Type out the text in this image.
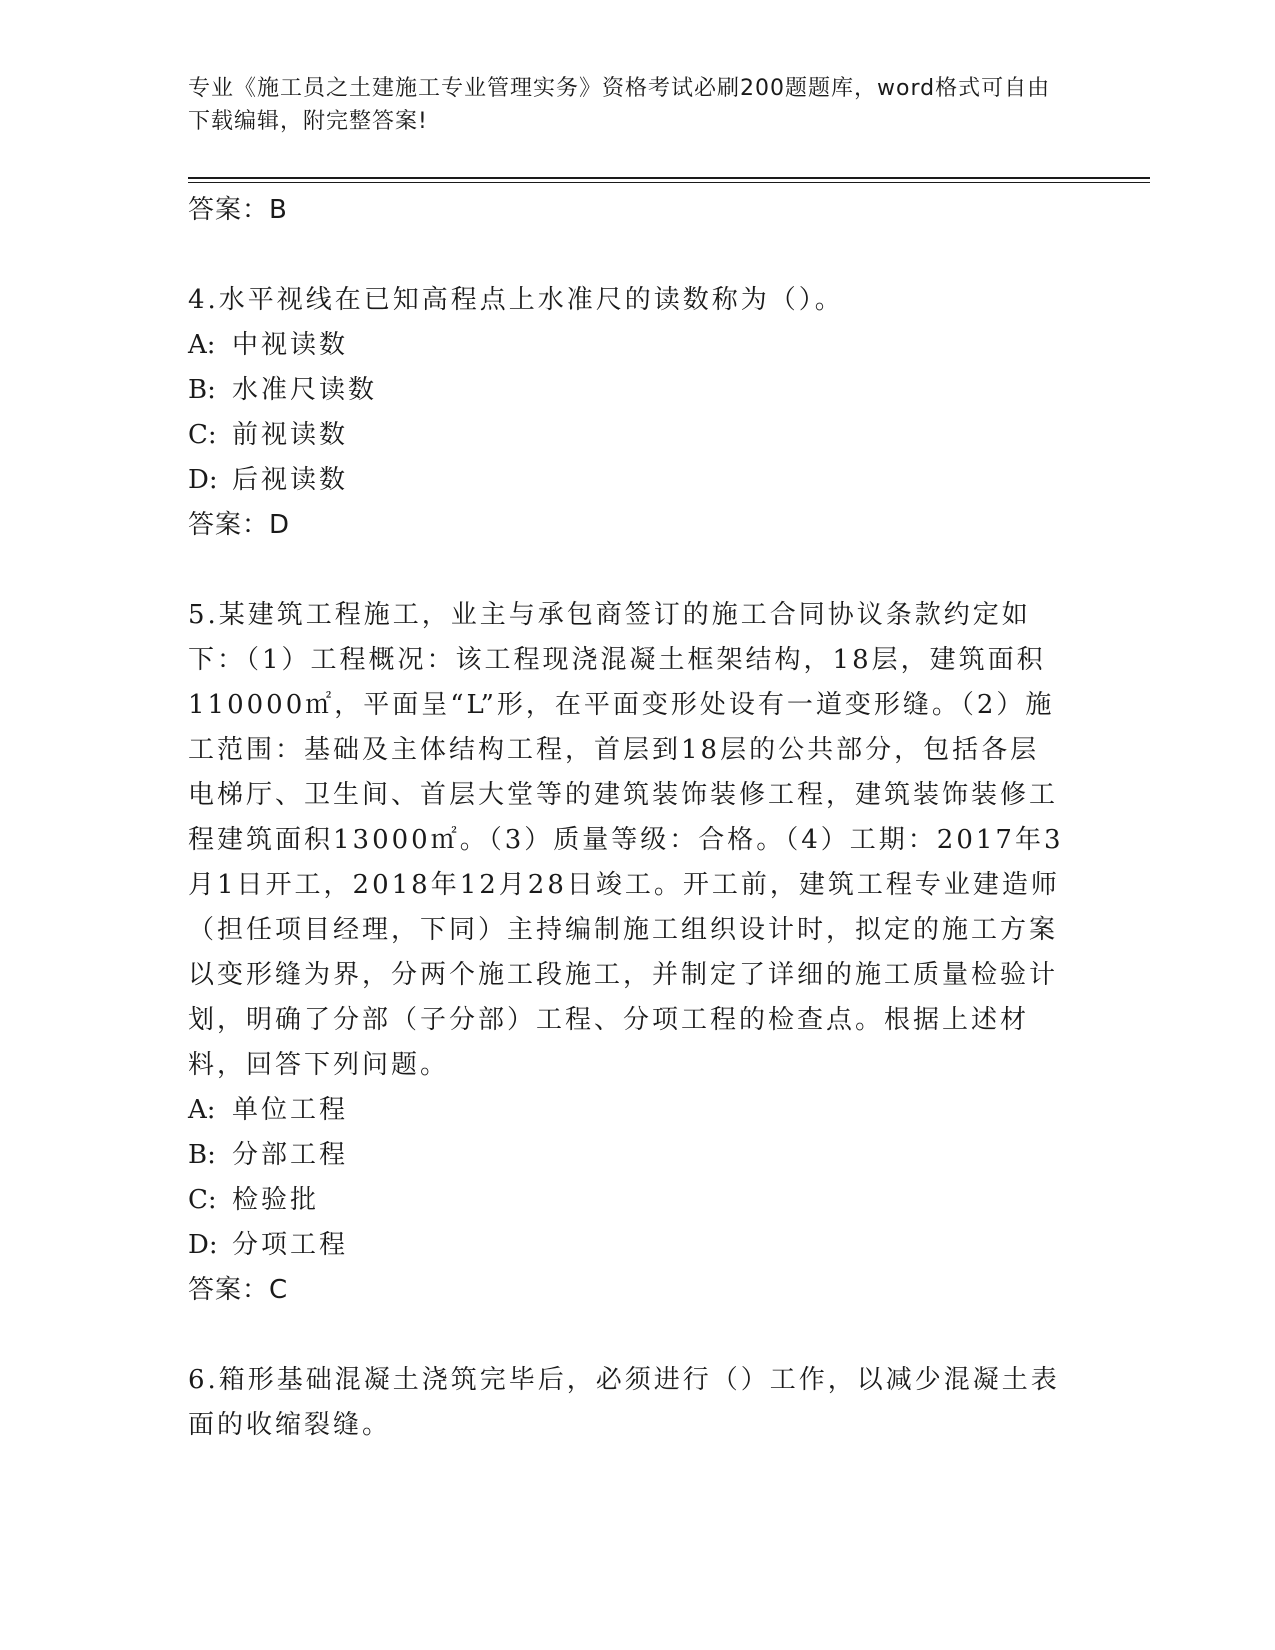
专业《施工员之土建施工专业管理实务》资格考试必刷200题题库，word格式可自由下载编辑，附完整答案!

答案：B

4.水平视线在已知高程点上水准尺的读数称为（）。

A: 中视读数

B: 水准尺读数

C: 前视读数

D: 后视读数

答案：D

5.某建筑工程施工，业主与承包商签订的施工合同协议条款约定如下：（1）工程概况：该工程现浇混凝土框架结构，18层，建筑面积110000㎡，平面呈“L”形，在平面变形处设有一道变形缝。（2）施工范围：基础及主体结构工程，首层到18层的公共部分，包括各层电梯厅、卫生间、首层大堂等的建筑装饰装修工程，建筑装饰装修工程建筑面积13000㎡。（3）质量等级：合格。（4）工期：2017年3月1日开工，2018年12月28日竣工。开工前，建筑工程专业建造师（担任项目经理，下同）主持编制施工组织设计时，拟定的施工方案以变形缝为界，分两个施工段施工，并制定了详细的施工质量检验计划，明确了分部（子分部）工程、分项工程的检查点。根据上述材料，回答下列问题。

A: 单位工程

B: 分部工程

C: 检验批

D: 分项工程

答案：C

6.箱形基础混凝土浇筑完毕后，必须进行（）工作，以减少混凝土表面的收缩裂缝。
